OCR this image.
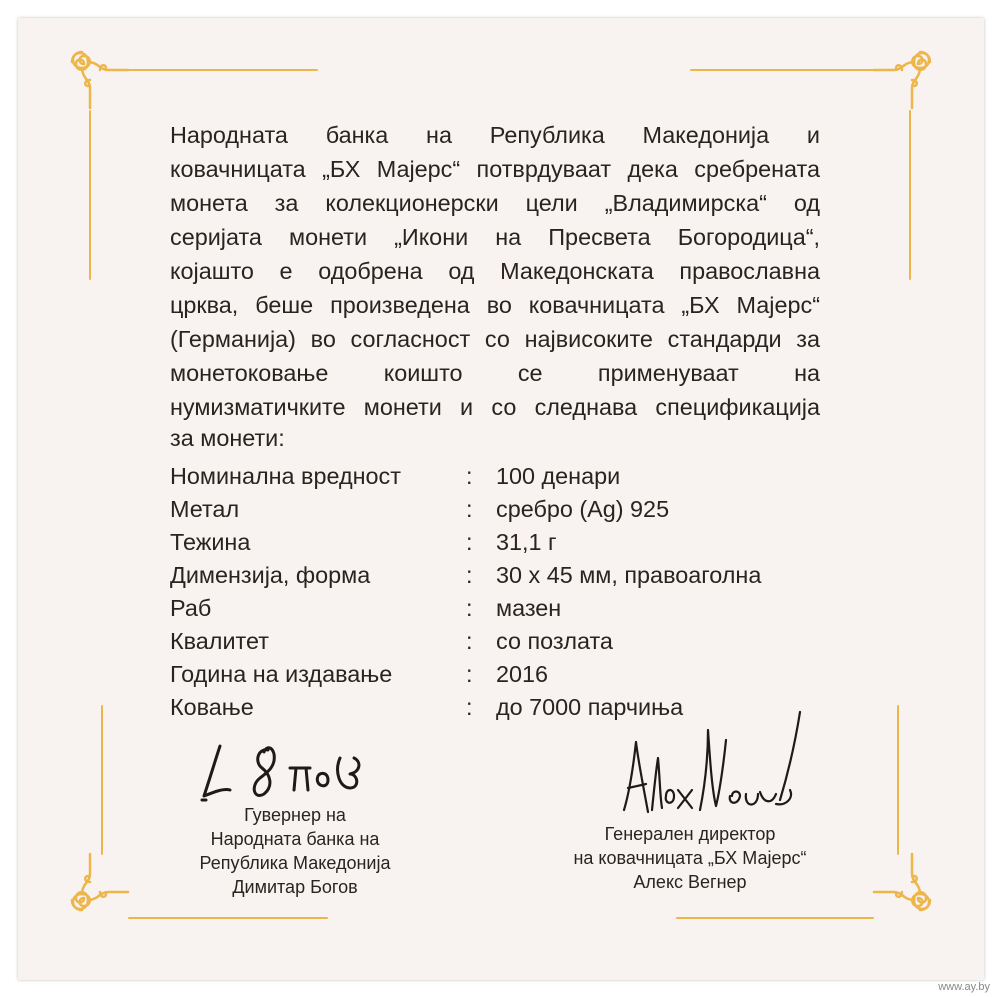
Народната банка на Република Македонија и
ковачницата „БХ Мајерс“ потврдуваат дека сребрената
монета за колекционерски цели „Владимирска“ од
серијата монети „Икони на Пресвета Богородица“,
којашто е одобрена од Македонската православна
црква, беше произведена во ковачницата „БХ Мајерс“
(Германија) во согласност со највисоките стандарди за
монетоковање коишто се применуваат на
нумизматичките монети и со следнава спецификација
за монети:
Номинална вредност	: 100 денари
Метал	: сребро (Ag) 925
Тежина	: 31,1 г
Димензија, форма	: 30 x 45 мм, правоаголна
Раб	: мазен
Квалитет	: со позлата
Година на издавање	: 2016
Ковање	: до 7000 парчиња
Гувернер на
Народната банка на
Република Македонија
Димитар Богов
Генерален директор
на ковачницата „БХ Мајерс“
Алекс Вегнер
www.ay.by
